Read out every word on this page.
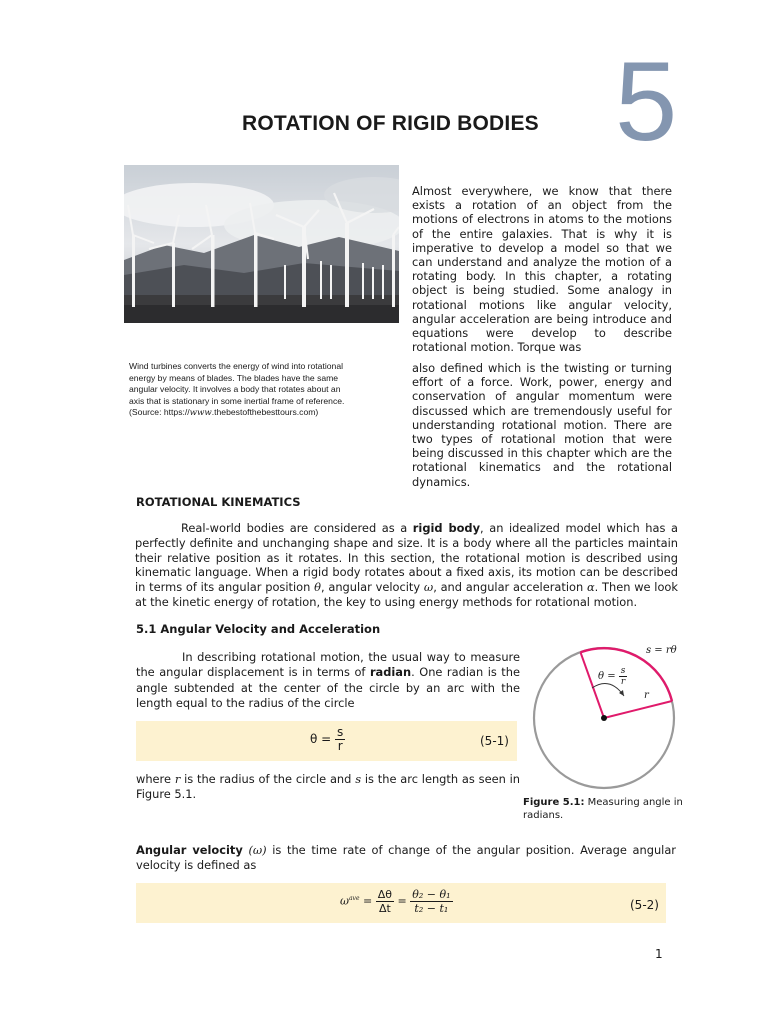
ROTATION OF RIGID BODIES 5
Wind turbines converts the energy of wind into rotational
energy by means of blades. The blades have the same
angular velocity. It involves a body that rotates about an
axis that is stationary in some inertial frame of reference.
(Source: https://www.thebestofthebesttours.com)
Almost everywhere, we know that there exists a rotation of an object from the motions of electrons in atoms to the motions of the entire galaxies. That is why it is imperative to develop a model so that we can understand and analyze the motion of a rotating body. In this chapter, a rotating object is being studied. Some analogy in rotational motions like angular velocity, angular acceleration are being introduce and equations were develop to describe rotational motion. Torque was
also defined which is the twisting or turning effort of a force. Work, power, energy and conservation of angular momentum were discussed which are tremendously useful for understanding rotational motion. There are two types of rotational motion that were being discussed in this chapter which are the rotational kinematics and the rotational dynamics.
ROTATIONAL KINEMATICS
Real-world bodies are considered as a rigid body, an idealized model which has a perfectly definite and unchanging shape and size. It is a body where all the particles maintain their relative position as it rotates. In this section, the rotational motion is described using kinematic language. When a rigid body rotates about a fixed axis, its motion can be described in terms of its angular position θ, angular velocity ω, and angular acceleration α. Then we look at the kinetic energy of rotation, the key to using energy methods for rotational motion.
5.1 Angular Velocity and Acceleration
In describing rotational motion, the usual way to measure the angular displacement is in terms of radian. One radian is the angle subtended at the center of the circle by an arc with the length equal to the radius of the circle
$\theta = \frac{s}{r}$	(5-1)
where r is the radius of the circle and s is the arc length as seen in Figure 5.1.
s = rθ
$\theta = \frac{s}{r}$
r
Figure 5.1: Measuring angle in radians.
Angular velocity (ω) is the time rate of change of the angular position. Average angular velocity is defined as
$\omega^{ave} = \frac{\Delta\theta}{\Delta t} = \frac{\text{θ₂ − θ₁}}{\text{t₂ − t₁}}$	(5-2)
1
